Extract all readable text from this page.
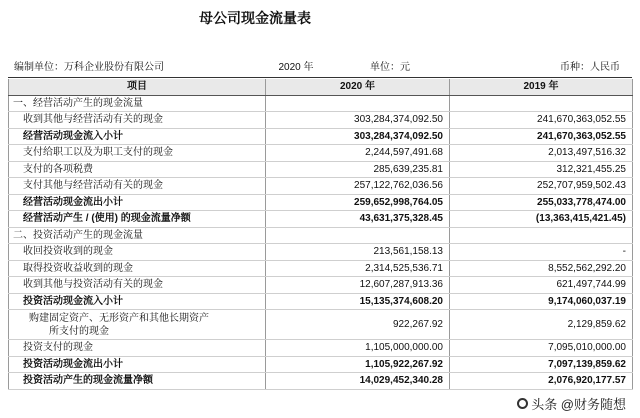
母公司现金流量表
编制单位：万科企业股份有限公司	2020 年	单位：元	币种：人民币
项目	2020 年	2019 年
一、经营活动产生的现金流量		
收到其他与经营活动有关的现金	303,284,374,092.50	241,670,363,052.55
经营活动现金流入小计	303,284,374,092.50	241,670,363,052.55
支付给职工以及为职工支付的现金	2,244,597,491.68	2,013,497,516.32
支付的各项税费	285,639,235.81	312,321,455.25
支付其他与经营活动有关的现金	257,122,762,036.56	252,707,959,502.43
经营活动现金流出小计	259,652,998,764.05	255,033,778,474.00
经营活动产生 / (使用) 的现金流量净额	43,631,375,328.45	(13,363,415,421.45)
二、投资活动产生的现金流量		
收回投资收到的现金	213,561,158.13	-
取得投资收益收到的现金	2,314,525,536.71	8,552,562,292.20
收到其他与投资活动有关的现金	12,607,287,913.36	621,497,744.99
投资活动现金流入小计	15,135,374,608.20	9,174,060,037.19

购建固定资产、无形资产和其他长期资产
所支付的现金	922,267.92	2,129,859.62
投资支付的现金	1,105,000,000.00	7,095,010,000.00
投资活动现金流出小计	1,105,922,267.92	7,097,139,859.62
投资活动产生的现金流量净额	14,029,452,340.28	2,076,920,177.57
头条 @财务随想
